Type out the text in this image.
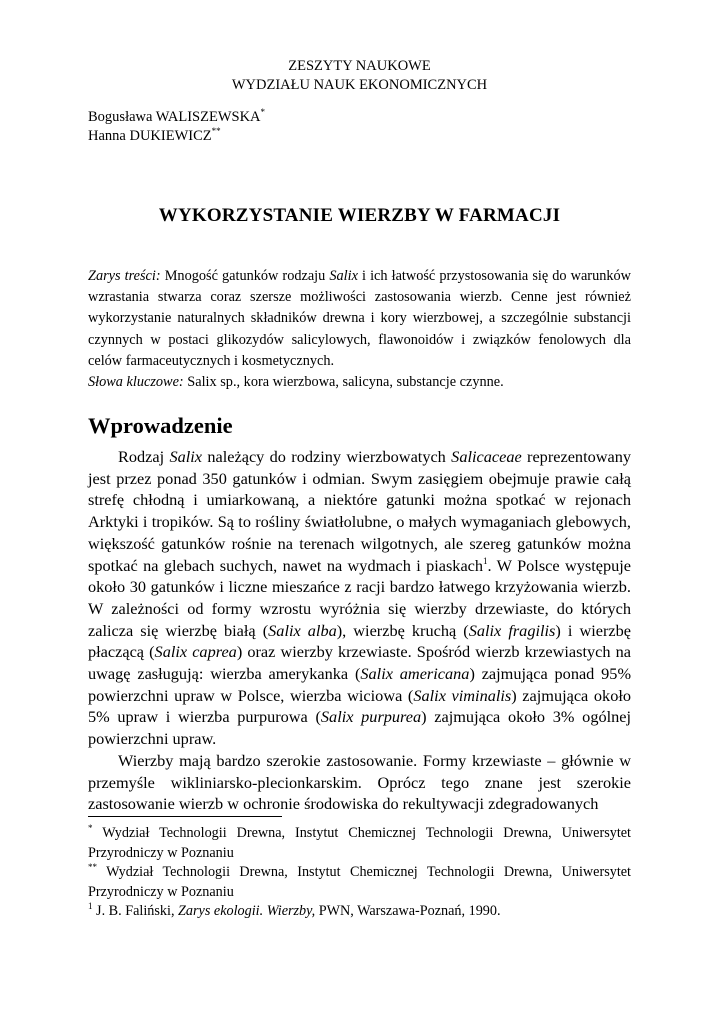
ZESZYTY NAUKOWE
WYDZIAŁU NAUK EKONOMICZNYCH
Bogusława WALISZEWSKA*
Hanna DUKIEWICZ**
WYKORZYSTANIE WIERZBY W FARMACJI

Zarys treści: Mnogość gatunków rodzaju Salix i ich łatwość przystosowania się do warunków wzrastania stwarza coraz szersze możliwości zastosowania wierzb. Cenne jest również wykorzystanie naturalnych składników drewna i kory wierzbowej, a szczególnie substancji czynnych w postaci glikozydów salicylowych, flawonoidów i związków fenolowych dla celów farmaceutycznych i kosmetycznych.

Słowa kluczowe: Salix sp., kora wierzbowa, salicyna, substancje czynne.

Wprowadzenie

Rodzaj Salix należący do rodziny wierzbowatych Salicaceae reprezentowany jest przez ponad 350 gatunków i odmian. Swym zasięgiem obejmuje prawie całą strefę chłodną i umiarkowaną, a niektóre gatunki można spotkać w rejonach Arktyki i tropików. Są to rośliny światłolubne, o małych wymaganiach glebowych, większość gatunków rośnie na terenach wilgotnych, ale szereg gatunków można spotkać na glebach suchych, nawet na wydmach i piaskach$^1$. W Polsce występuje około 30 gatunków i liczne mieszańce z racji bardzo łatwego krzyżowania wierzb. W zależności od formy wzrostu wyróżnia się wierzby drzewiaste, do których zalicza się wierzbę białą (Salix alba), wierzbę kruchą (Salix fragilis) i wierzbę płaczącą (Salix caprea) oraz wierzby krzewiaste. Spośród wierzb krzewiastych na uwagę zasługują: wierzba amerykanka (Salix americana) zajmująca ponad 95% powierzchni upraw w Polsce, wierzba wiciowa (Salix viminalis) zajmująca około 5% upraw i wierzba purpurowa (Salix purpurea) zajmująca około 3% ogólnej powierzchni upraw.

Wierzby mają bardzo szerokie zastosowanie. Formy krzewiaste – głównie w przemyśle wikliniarsko-plecionkarskim. Oprócz tego znane jest szerokie zastosowanie wierzb w ochronie środowiska do rekultywacji zdegradowanych

* Wydział Technologii Drewna, Instytut Chemicznej Technologii Drewna, Uniwersytet Przyrodniczy w Poznaniu

** Wydział Technologii Drewna, Instytut Chemicznej Technologii Drewna, Uniwersytet Przyrodniczy w Poznaniu

$^1$ J. B. Faliński, Zarys ekologii. Wierzby, PWN, Warszawa-Poznań, 1990.
